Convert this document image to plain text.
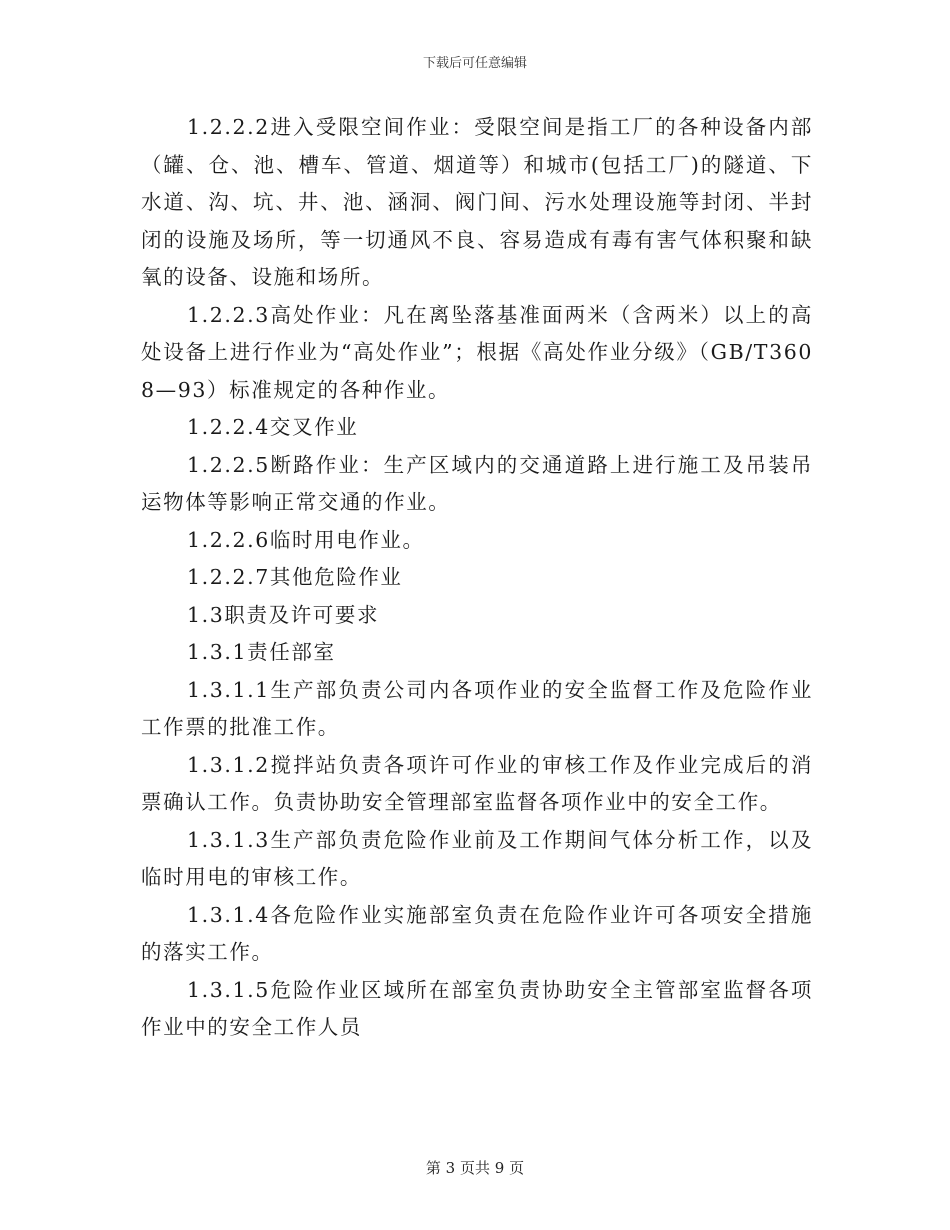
下载后可任意编辑

1.2.2.2进入受限空间作业：受限空间是指工厂的各种设备内部（罐、仓、池、槽车、管道、烟道等）和城市(包括工厂)的隧道、下水道、沟、坑、井、池、涵洞、阀门间、污水处理设施等封闭、半封闭的设施及场所，等一切通风不良、容易造成有毒有害气体积聚和缺氧的设备、设施和场所。

1.2.2.3高处作业：凡在离坠落基准面两米（含两米）以上的高处设备上进行作业为“高处作业”；根据《高处作业分级》（GB/T3608—93）标准规定的各种作业。

1.2.2.4交叉作业

1.2.2.5断路作业：生产区域内的交通道路上进行施工及吊装吊运物体等影响正常交通的作业。

1.2.2.6临时用电作业。

1.2.2.7其他危险作业

1.3职责及许可要求

1.3.1责任部室

1.3.1.1生产部负责公司内各项作业的安全监督工作及危险作业工作票的批准工作。

1.3.1.2搅拌站负责各项许可作业的审核工作及作业完成后的消票确认工作。负责协助安全管理部室监督各项作业中的安全工作。

1.3.1.3生产部负责危险作业前及工作期间气体分析工作，以及临时用电的审核工作。

1.3.1.4各危险作业实施部室负责在危险作业许可各项安全措施的落实工作。

1.3.1.5危险作业区域所在部室负责协助安全主管部室监督各项作业中的安全工作人员

第 3 页共 9 页
